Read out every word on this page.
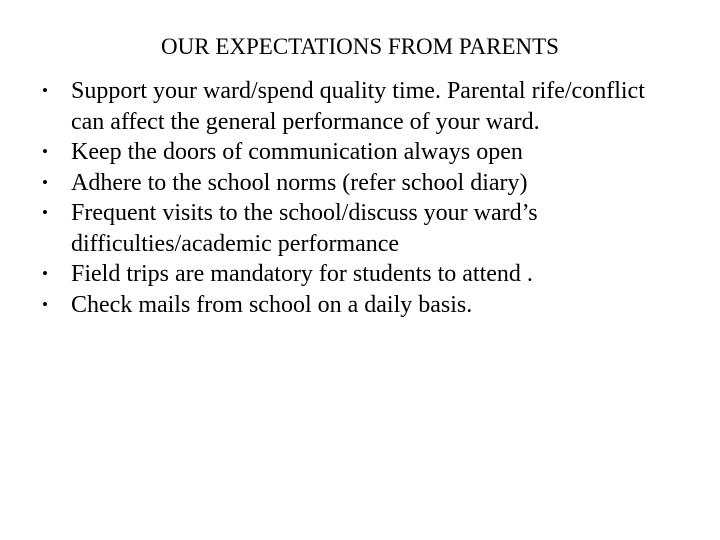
OUR EXPECTATIONS FROM PARENTS
• Support your ward/spend quality time. Parental rife/conflict can affect the general performance of your ward.
• Keep the doors of communication always open
• Adhere to the school norms (refer school diary)
• Frequent visits to the school/discuss your ward’s difficulties/academic performance
• Field trips are mandatory for students to attend .
• Check mails from school on a daily basis.
